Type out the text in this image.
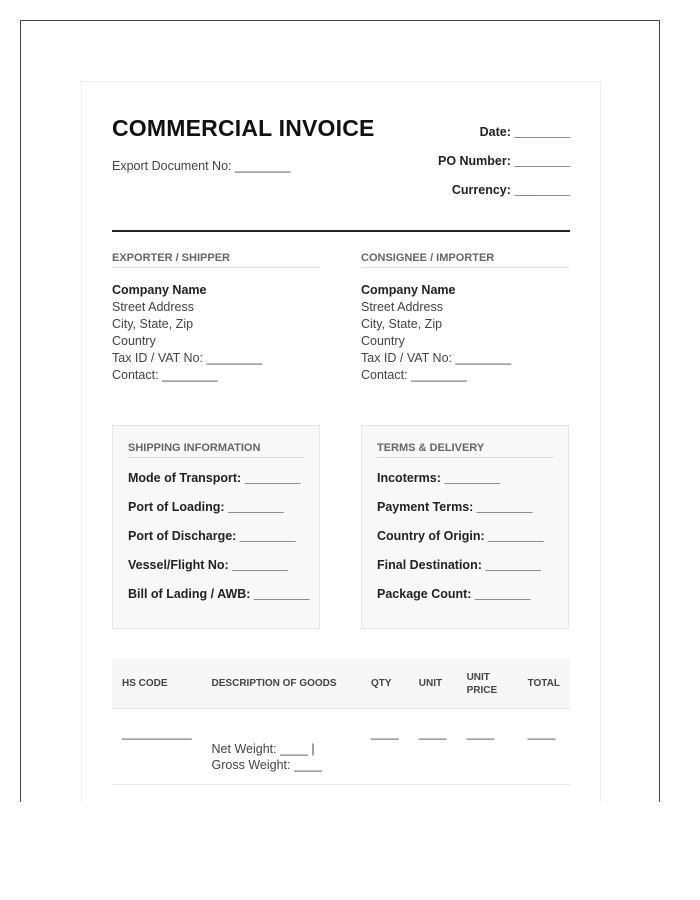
COMMERCIAL INVOICE
Export Document No: ________
Date: ________
PO Number: ________
Currency: ________
EXPORTER / SHIPPER
Company Name
Street Address
City, State, Zip
Country
Tax ID / VAT No: ________
Contact: ________
CONSIGNEE / IMPORTER
Company Name
Street Address
City, State, Zip
Country
Tax ID / VAT No: ________
Contact: ________
SHIPPING INFORMATION
Mode of Transport: ________
Port of Loading: ________
Port of Discharge: ________
Vessel/Flight No: ________
Bill of Lading / AWB: ________
TERMS & DELIVERY
Incoterms: ________
Payment Terms: ________
Country of Origin: ________
Final Destination: ________
Package Count: ________
HS CODE	DESCRIPTION OF GOODS	QTY	UNIT	UNIT PRICE	TOTAL
__________	Net Weight: ____ | Gross Weight: ____	____	____	____	____
